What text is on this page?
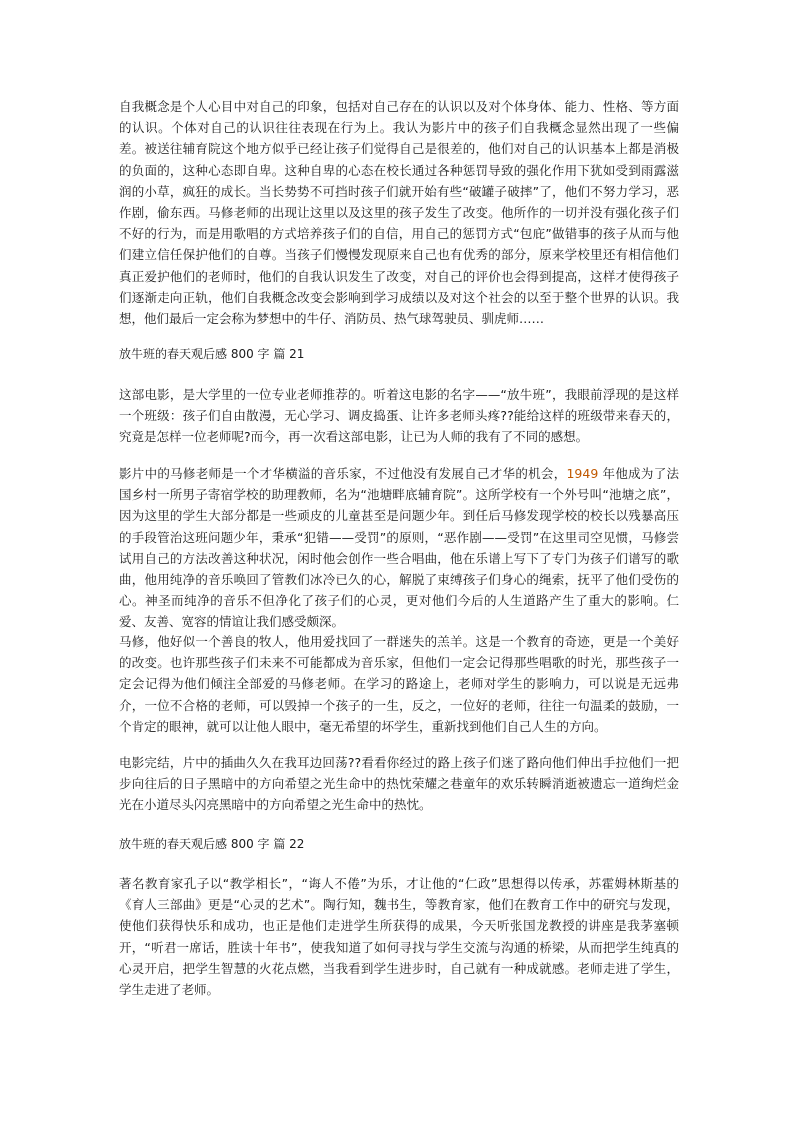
自我概念是个人心目中对自己的印象，包括对自己存在的认识以及对个体身体、能力、性格、等方面的认识。个体对自己的认识往往表现在行为上。我认为影片中的孩子们自我概念显然出现了一些偏差。被送往辅育院这个地方似乎已经让孩子们觉得自己是很差的，他们对自己的认识基本上都是消极的负面的，这种心态即自卑。这种自卑的心态在校长通过各种惩罚导致的强化作用下犹如受到雨露滋润的小草，疯狂的成长。当长势势不可挡时孩子们就开始有些“破罐子破摔”了，他们不努力学习，恶作剧，偷东西。马修老师的出现让这里以及这里的孩子发生了改变。他所作的一切并没有强化孩子们不好的行为，而是用歌唱的方式培养孩子们的自信，用自己的惩罚方式“包庇”做错事的孩子从而与他们建立信任保护他们的自尊。当孩子们慢慢发现原来自己也有优秀的部分，原来学校里还有相信他们真正爱护他们的老师时，他们的自我认识发生了改变，对自己的评价也会得到提高，这样才使得孩子们逐渐走向正轨，他们自我概念改变会影响到学习成绩以及对这个社会的以至于整个世界的认识。我想，他们最后一定会称为梦想中的牛仔、消防员、热气球驾驶员、驯虎师……

放牛班的春天观后感 800 字 篇 21

这部电影，是大学里的一位专业老师推荐的。听着这电影的名字——“放牛班”，我眼前浮现的是这样一个班级：孩子们自由散漫，无心学习、调皮捣蛋、让许多老师头疼??能给这样的班级带来春天的，究竟是怎样一位老师呢?而今，再一次看这部电影，让已为人师的我有了不同的感想。

影片中的马修老师是一个才华横溢的音乐家，不过他没有发展自己才华的机会，1949 年他成为了法国乡村一所男子寄宿学校的助理教师，名为“池塘畔底辅育院”。这所学校有一个外号叫“池塘之底”，因为这里的学生大部分都是一些顽皮的儿童甚至是问题少年。到任后马修发现学校的校长以残暴高压的手段管治这班问题少年，秉承“犯错——受罚”的原则，“恶作剧——受罚”在这里司空见惯，马修尝试用自己的方法改善这种状况，闲时他会创作一些合唱曲，他在乐谱上写下了专门为孩子们谱写的歌曲，他用纯净的音乐唤回了管教们冰冷已久的心，解脱了束缚孩子们身心的绳索，抚平了他们受伤的心。神圣而纯净的音乐不但净化了孩子们的心灵，更对他们今后的人生道路产生了重大的影响。仁爱、友善、宽容的情谊让我们感受颇深。

马修，他好似一个善良的牧人，他用爱找回了一群迷失的羔羊。这是一个教育的奇迹，更是一个美好的改变。也许那些孩子们未来不可能都成为音乐家，但他们一定会记得那些唱歌的时光，那些孩子一定会记得为他们倾注全部爱的马修老师。在学习的路途上，老师对学生的影响力，可以说是无远弗介，一位不合格的老师，可以毁掉一个孩子的一生，反之，一位好的老师，往往一句温柔的鼓励，一个肯定的眼神，就可以让他人眼中，毫无希望的坏学生，重新找到他们自己人生的方向。

电影完结，片中的插曲久久在我耳边回荡??看看你经过的路上孩子们迷了路向他们伸出手拉他们一把步向往后的日子黑暗中的方向希望之光生命中的热忱荣耀之巷童年的欢乐转瞬消逝被遗忘一道绚烂金光在小道尽头闪亮黑暗中的方向希望之光生命中的热忱。

放牛班的春天观后感 800 字 篇 22

著名教育家孔子以“教学相长”，“诲人不倦”为乐，才让他的“仁政”思想得以传承，苏霍姆林斯基的《育人三部曲》更是“心灵的艺术”。陶行知，魏书生，等教育家，他们在教育工作中的研究与发现，使他们获得快乐和成功，也正是他们走进学生所获得的成果，今天听张国龙教授的讲座是我茅塞顿开，“听君一席话，胜读十年书”，使我知道了如何寻找与学生交流与沟通的桥梁，从而把学生纯真的心灵开启，把学生智慧的火花点燃，当我看到学生进步时，自己就有一种成就感。老师走进了学生，学生走进了老师。
